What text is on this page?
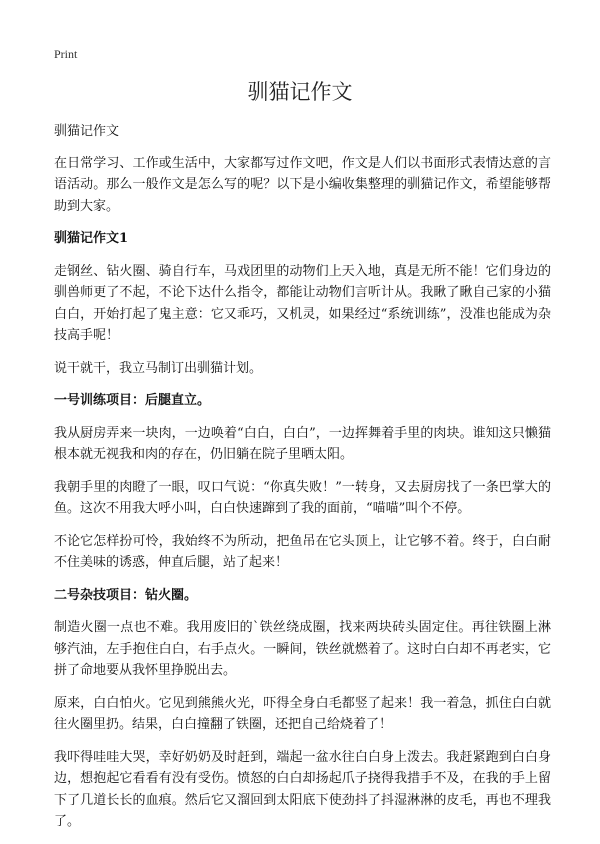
Print
驯猫记作文

驯猫记作文

在日常学习、工作或生活中，大家都写过作文吧，作文是人们以书面形式表情达意的言语活动。那么一般作文是怎么写的呢？以下是小编收集整理的驯猫记作文，希望能够帮助到大家。

驯猫记作文1

走钢丝、钻火圈、骑自行车，马戏团里的动物们上天入地，真是无所不能！它们身边的驯兽师更了不起，不论下达什么指令，都能让动物们言听计从。我瞅了瞅自己家的小猫白白，开始打起了鬼主意：它又乖巧，又机灵，如果经过“系统训练”，没准也能成为杂技高手呢！

说干就干，我立马制订出驯猫计划。

一号训练项目：后腿直立。

我从厨房弄来一块肉，一边唤着“白白，白白”，一边挥舞着手里的肉块。谁知这只懒猫根本就无视我和肉的存在，仍旧躺在院子里晒太阳。

我朝手里的肉瞪了一眼，叹口气说：“你真失败！”一转身，又去厨房找了一条巴掌大的鱼。这次不用我大呼小叫，白白快速蹿到了我的面前，“喵喵”叫个不停。

不论它怎样扮可怜，我始终不为所动，把鱼吊在它头顶上，让它够不着。终于，白白耐不住美味的诱惑，伸直后腿，站了起来！

二号杂技项目：钻火圈。

制造火圈一点也不难。我用废旧的`铁丝绕成圈，找来两块砖头固定住。再往铁圈上淋够汽油，左手抱住白白，右手点火。一瞬间，铁丝就燃着了。这时白白却不再老实，它拼了命地要从我怀里挣脱出去。

原来，白白怕火。它见到熊熊火光，吓得全身白毛都竖了起来！我一着急，抓住白白就往火圈里扔。结果，白白撞翻了铁圈，还把自己给烧着了！

我吓得哇哇大哭，幸好奶奶及时赶到，端起一盆水往白白身上泼去。我赶紧跑到白白身边，想抱起它看看有没有受伤。愤怒的白白却扬起爪子挠得我措手不及，在我的手上留下了几道长长的血痕。然后它又溜回到太阳底下使劲抖了抖湿淋淋的皮毛，再也不理我了。
